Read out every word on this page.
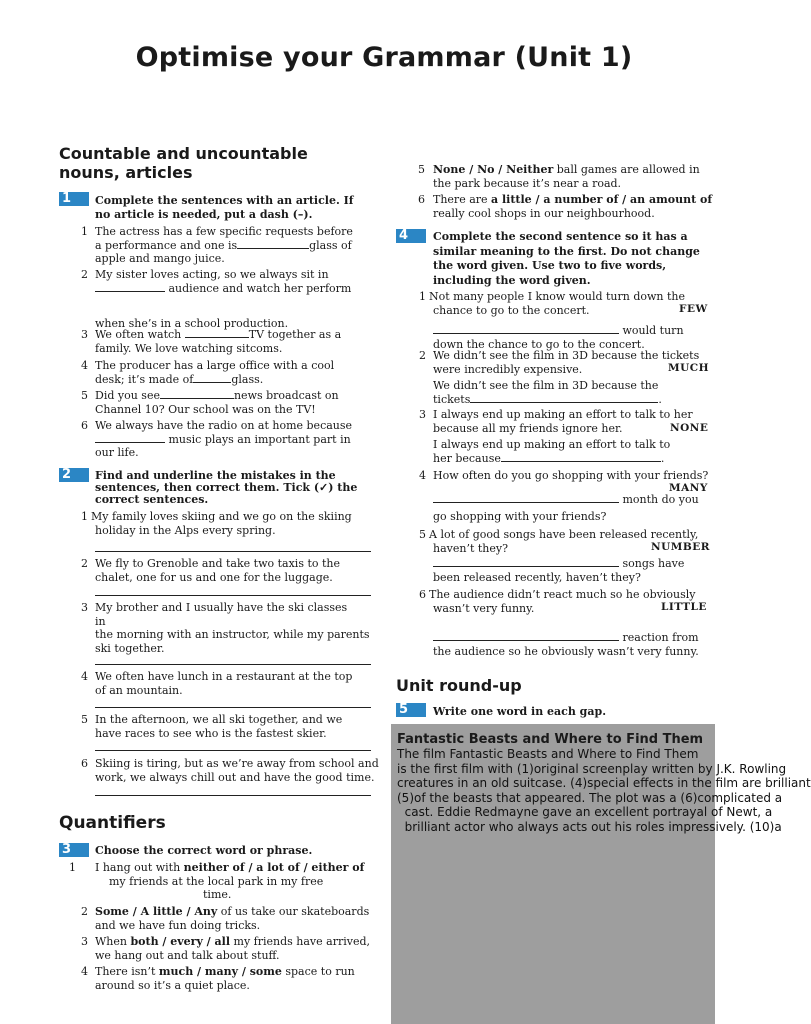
Optimise your Grammar (Unit 1)
Countable and uncountable
nouns, articles
1	Complete the sentences with an article. If
no article is needed, put a dash (–).
1 The actress has a few specific requests before
a performance and one is	glass of
apple and mango juice.
2 My sister loves acting, so we always sit in
audience and watch her perform
when she’s in a school production.
3 We often watch	TV together as a
family. We love watching sitcoms.
4 The producer has a large office with a cool
desk; it’s made of	glass.
5 Did you see	news broadcast on
Channel 10? Our school was on the TV!
6 We always have the radio on at home because
music plays an important part in
our life.
2	Find and underline the mistakes in the
sentences, then correct them. Tick (✓) the
correct sentences.
1 My family loves skiing and we go on the skiing
holiday in the Alps every spring.
2 We fly to Grenoble and take two taxis to the
chalet, one for us and one for the luggage.
3 My brother and I usually have the ski classes
in
the morning with an instructor, while my parents
ski together.
4 We often have lunch in a restaurant at the top
of an mountain.
5 In the afternoon, we all ski together, and we
have races to see who is the fastest skier.
6 Skiing is tiring, but as we’re away from school and
work, we always chill out and have the good time.
Quantifiers
3	Choose the correct word or phrase.
1 I hang out with neither of / a lot of / either of
my friends at the local park in my free
time.
2 Some / A little / Any of us take our skateboards
and we have fun doing tricks.
3 When both / every / all my friends have arrived,
we hang out and talk about stuff.
4 There isn’t much / many / some space to run
around so it’s a quiet place.
5 None / No / Neither ball games are allowed in
the park because it’s near a road.
6 There are a little / a number of / an amount of
really cool shops in our neighbourhood.
4	Complete the second sentence so it has a
similar meaning to the first. Do not change
the word given. Use two to five words,
including the word given.
1 Not many people I know would turn down the
chance to go to the concert.	FEW
would turn
down the chance to go to the concert.
2 We didn’t see the film in 3D because the tickets
were incredibly expensive.	MUCH
We didn’t see the film in 3D because the
tickets	.
3 I always end up making an effort to talk to her
because all my friends ignore her.	NONE
I always end up making an effort to talk to
her because	.
4 How often do you go shopping with your friends?
MANY
month do you
go shopping with your friends?
5 A lot of good songs have been released recently,
haven’t they?	NUMBER
songs have
been released recently, haven’t they?
6 The audience didn’t react much so he obviously
wasn’t very funny.	LITTLE
reaction from
the audience so he obviously wasn’t very funny.
Unit round-up
5	Write one word in each gap.
Fantastic Beasts and Where to Find Them
The film Fantastic Beasts and Where to Find Them
is the first film with (1)original screenplay written by J.K. Rowling
creatures in an old suitcase. (4)special effects in the film are brilliant
(5)of the beasts that appeared. The plot was a (6)complicated a
cast. Eddie Redmayne gave an excellent portrayal of Newt, a
brilliant actor who always acts out his roles impressively. (10)a
